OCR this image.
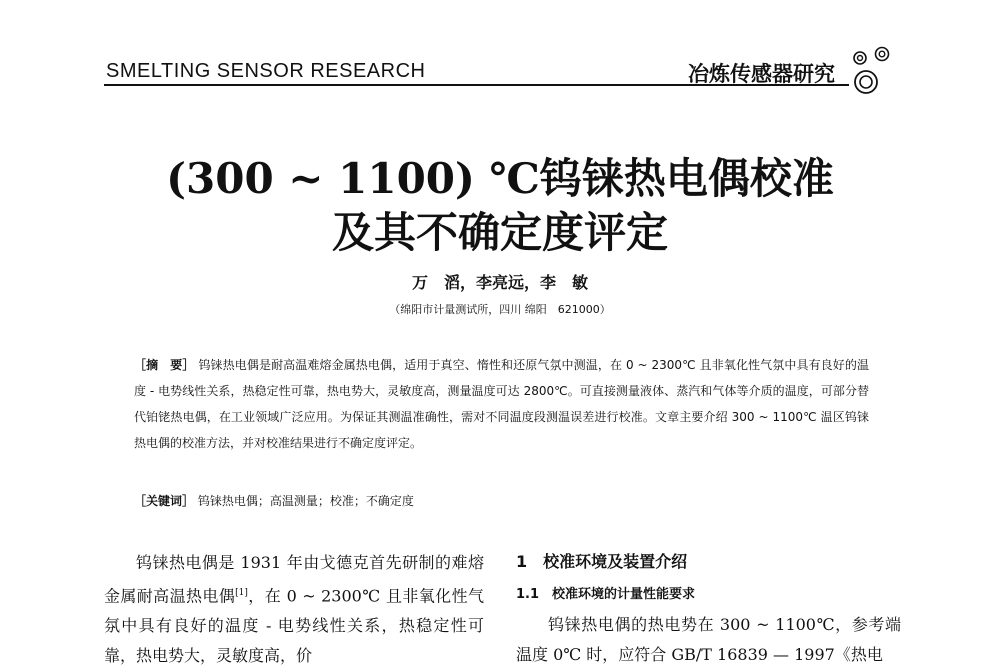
SMELTING SENSOR RESEARCH	冶炼传感器研究
(300 ~ 1100) ℃钨铼热电偶校准
及其不确定度评定
万　滔，李亮远，李　敏
（绵阳市计量测试所，四川 绵阳　621000）
［摘　要］ 钨铼热电偶是耐高温难熔金属热电偶，适用于真空、惰性和还原气氛中测温，在 0 ~ 2300℃ 且非氧化性气氛中具有良好的温度 - 电势线性关系，热稳定性可靠，热电势大，灵敏度高，测量温度可达 2800℃。可直接测量液体、蒸汽和气体等介质的温度，可部分替代铂铑热电偶，在工业领域广泛应用。为保证其测温准确性，需对不同温度段测温误差进行校准。文章主要介绍 300 ~ 1100℃ 温区钨铼热电偶的校准方法，并对校准结果进行不确定度评定。
［关键词］ 钨铼热电偶；高温测量；校准；不确定度

钨铼热电偶是 1931 年由戈德克首先研制的难熔金属耐高温热电偶[1]，在 0 ~ 2300℃ 且非氧化性气氛中具有良好的温度 - 电势线性关系，热稳定性可靠，热电势大，灵敏度高，价

1　校准环境及装置介绍
1.1　校准环境的计量性能要求

钨铼热电偶的热电势在 300 ~ 1100℃，参考端温度 0℃ 时，应符合 GB/T 16839 — 1997《热电
